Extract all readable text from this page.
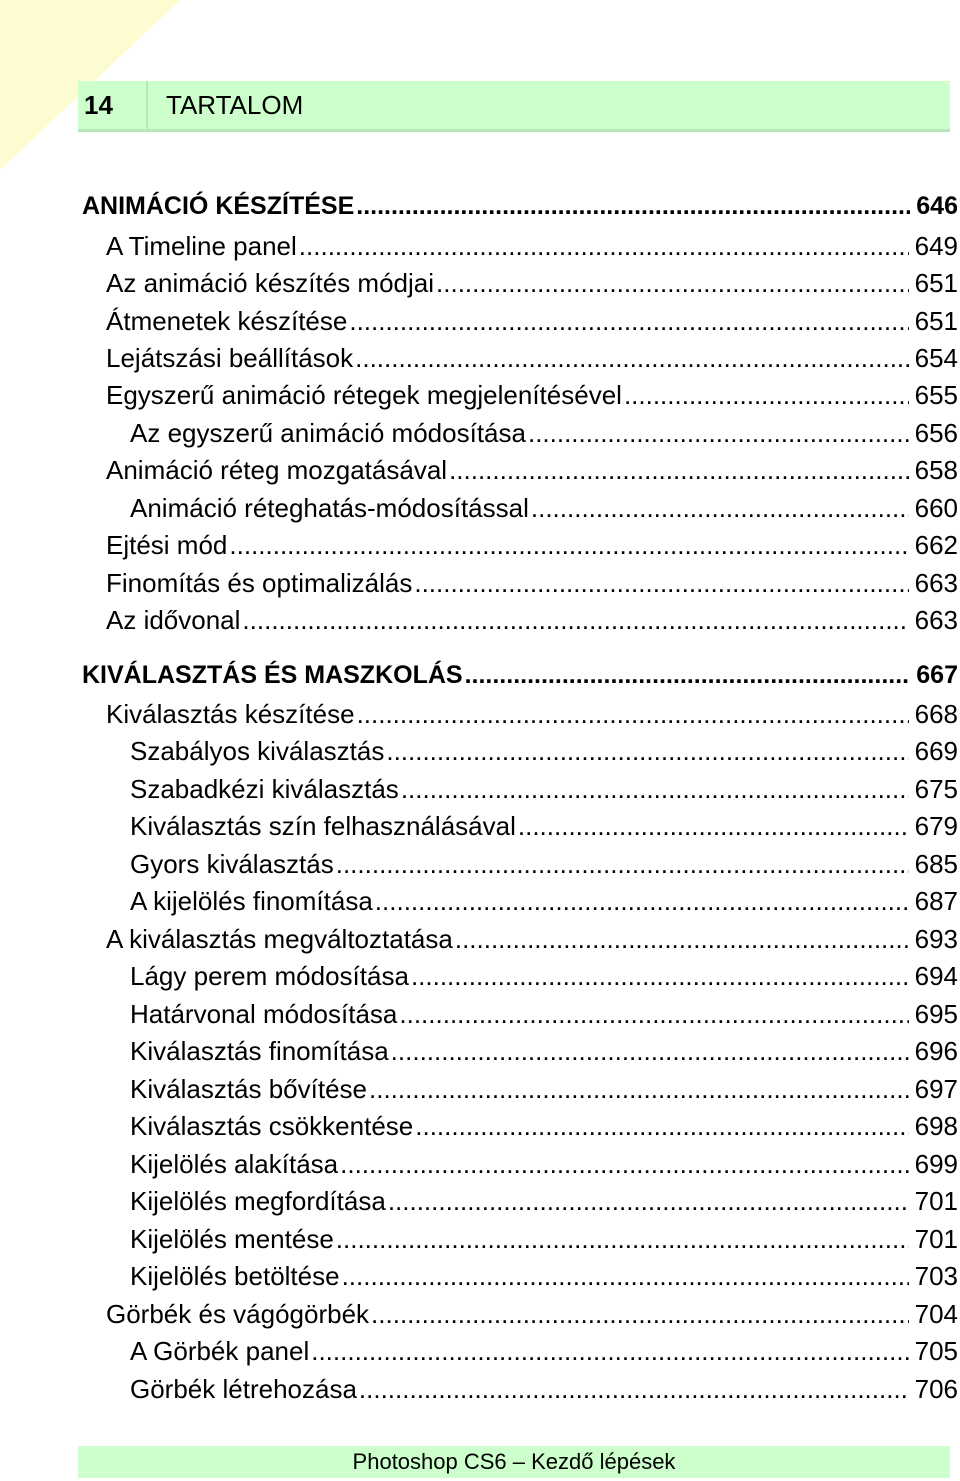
14	TARTALOM
ANIMÁCIÓ KÉSZÍTÉSE .....	646
A Timeline panel .....	649
Az animáció készítés módjai .....	651
Átmenetek készítése .....	651
Lejátszási beállítások .....	654
Egyszerű animáció rétegek megjelenítésével .....	655
Az egyszerű animáció módosítása .....	656
Animáció réteg mozgatásával .....	658
Animáció réteghatás-módosítással .....	660
Ejtési mód .....	662
Finomítás és optimalizálás .....	663
Az idővonal .....	663
KIVÁLASZTÁS ÉS MASZKOLÁS .....	667
Kiválasztás készítése .....	668
Szabályos kiválasztás .....	669
Szabadkézi kiválasztás .....	675
Kiválasztás szín felhasználásával .....	679
Gyors kiválasztás .....	685
A kijelölés finomítása .....	687
A kiválasztás megváltoztatása .....	693
Lágy perem módosítása .....	694
Határvonal módosítása .....	695
Kiválasztás finomítása .....	696
Kiválasztás bővítése .....	697
Kiválasztás csökkentése .....	698
Kijelölés alakítása .....	699
Kijelölés megfordítása .....	701
Kijelölés mentése .....	701
Kijelölés betöltése .....	703
Görbék és vágógörbék .....	704
A Görbék panel .....	705
Görbék létrehozása .....	706
Photoshop CS6 – Kezdő lépések
